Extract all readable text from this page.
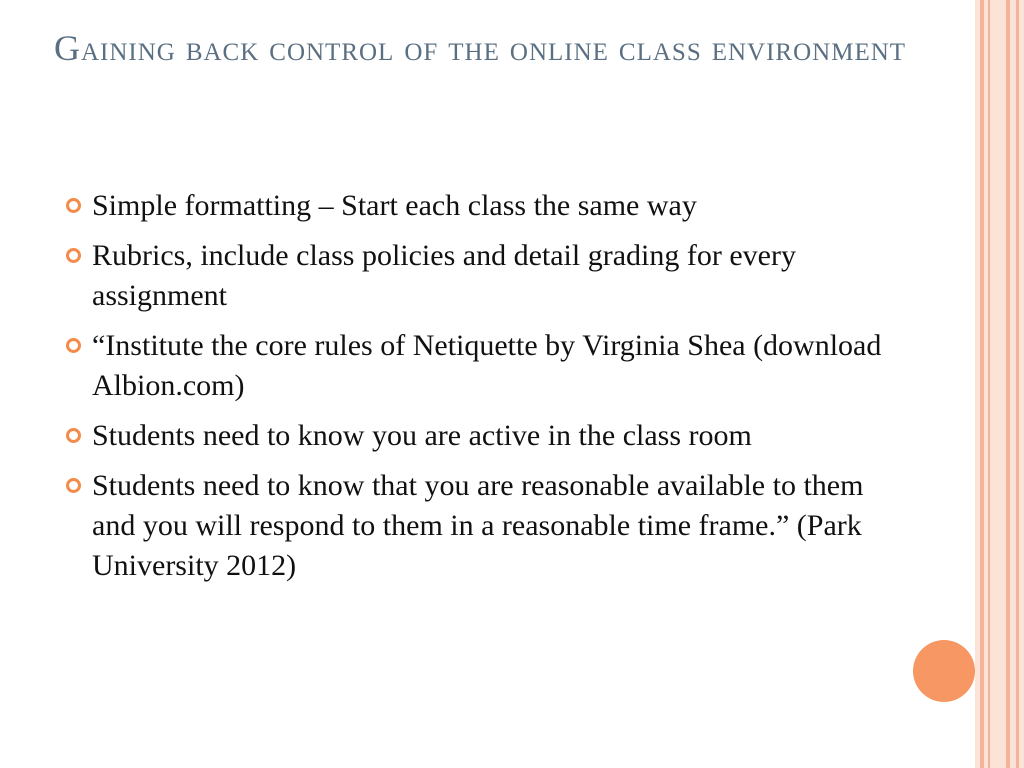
Gaining back control of the online class environment
Simple formatting – Start each class the same way
Rubrics, include class policies and detail grading for every assignment
“Institute the core rules of Netiquette by Virginia Shea (download Albion.com)
Students need to know you are active in the class room
Students need to know that you are reasonable available to them and you will respond to them in a reasonable time frame.” (Park University 2012)
